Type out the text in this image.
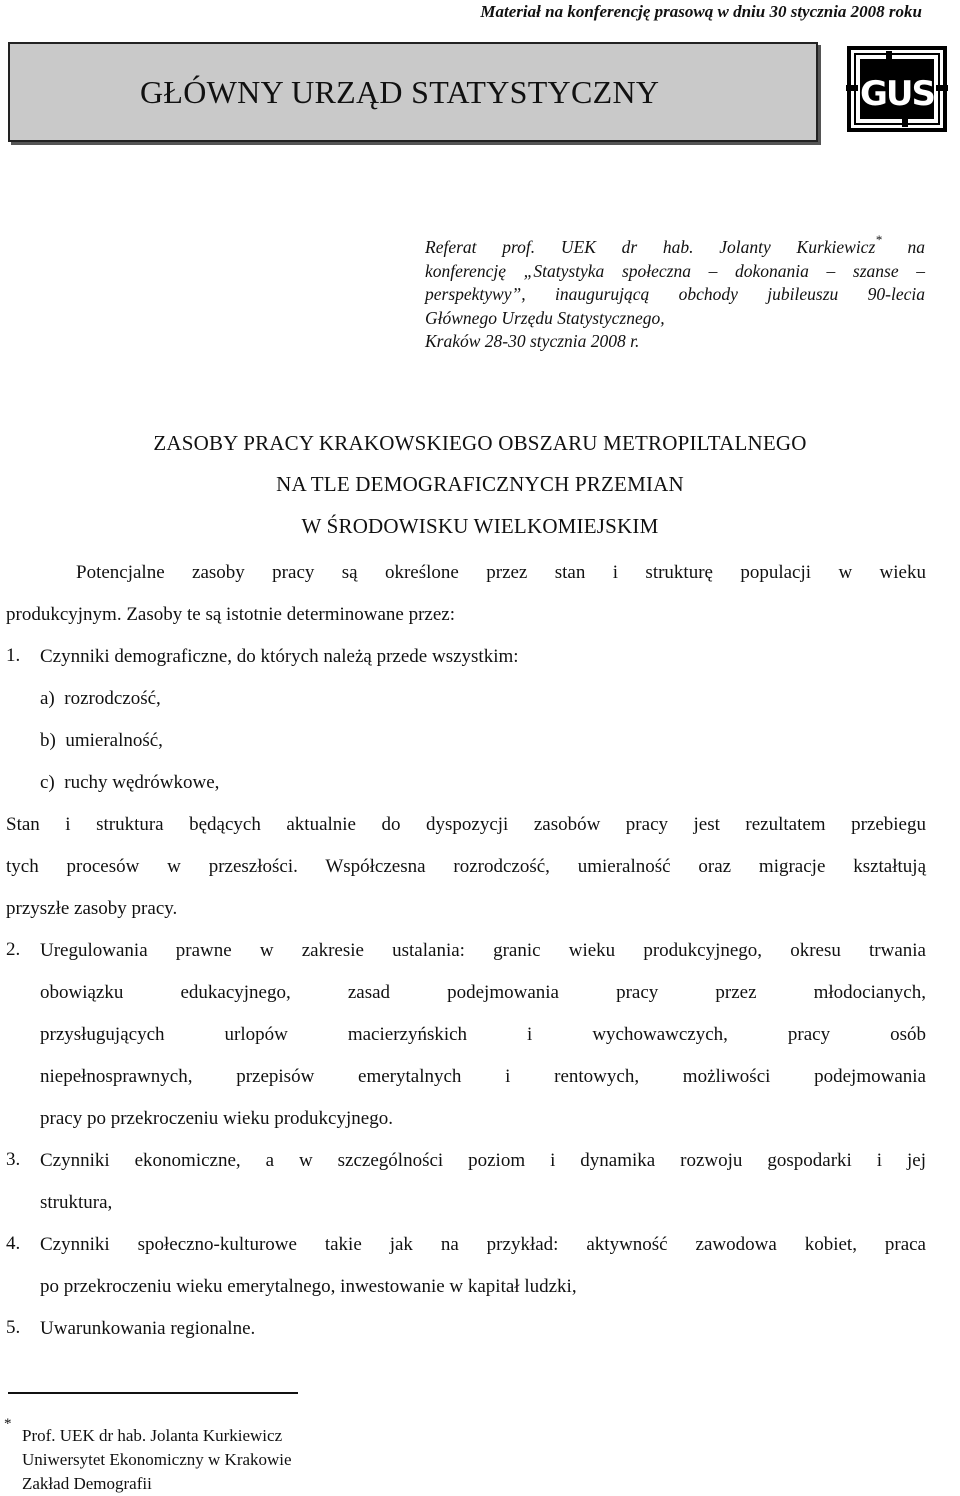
Materiał na konferencję prasową w dniu 30 stycznia 2008 roku
GŁÓWNY URZĄD STATYSTYCZNY	GUS
Referat prof. UEK dr hab. Jolanty Kurkiewicz* na
konferencję „Statystyka społeczna – dokonania – szanse –
perspektywy”, inaugurującą obchody jubileuszu 90-lecia
Głównego Urzędu Statystycznego,
Kraków 28-30 stycznia 2008 r.
ZASOBY PRACY KRAKOWSKIEGO OBSZARU METROPILTALNEGO
NA TLE DEMOGRAFICZNYCH PRZEMIAN
W ŚRODOWISKU WIELKOMIEJSKIM
Potencjalne zasoby pracy są określone przez stan i strukturę populacji w wieku
produkcyjnym. Zasoby te są istotnie determinowane przez:
1. Czynniki demograficzne, do których należą przede wszystkim:
a) rozrodczość,
b) umieralność,
c) ruchy wędrówkowe,
Stan i struktura będących aktualnie do dyspozycji zasobów pracy jest rezultatem przebiegu
tych procesów w przeszłości. Współczesna rozrodczość, umieralność oraz migracje kształtują
przyszłe zasoby pracy.
2. Uregulowania prawne w zakresie ustalania: granic wieku produkcyjnego, okresu trwania
obowiązku edukacyjnego, zasad podejmowania pracy przez młodocianych,
przysługujących urlopów macierzyńskich i wychowawczych, pracy osób
niepełnosprawnych, przepisów emerytalnych i rentowych, możliwości podejmowania
pracy po przekroczeniu wieku produkcyjnego.
3. Czynniki ekonomiczne, a w szczególności poziom i dynamika rozwoju gospodarki i jej
struktura,
4. Czynniki społeczno-kulturowe takie jak na przykład: aktywność zawodowa kobiet, praca
po przekroczeniu wieku emerytalnego, inwestowanie w kapitał ludzki,
5. Uwarunkowania regionalne.
*
Prof. UEK dr hab. Jolanta Kurkiewicz
Uniwersytet Ekonomiczny w Krakowie
Zakład Demografii
